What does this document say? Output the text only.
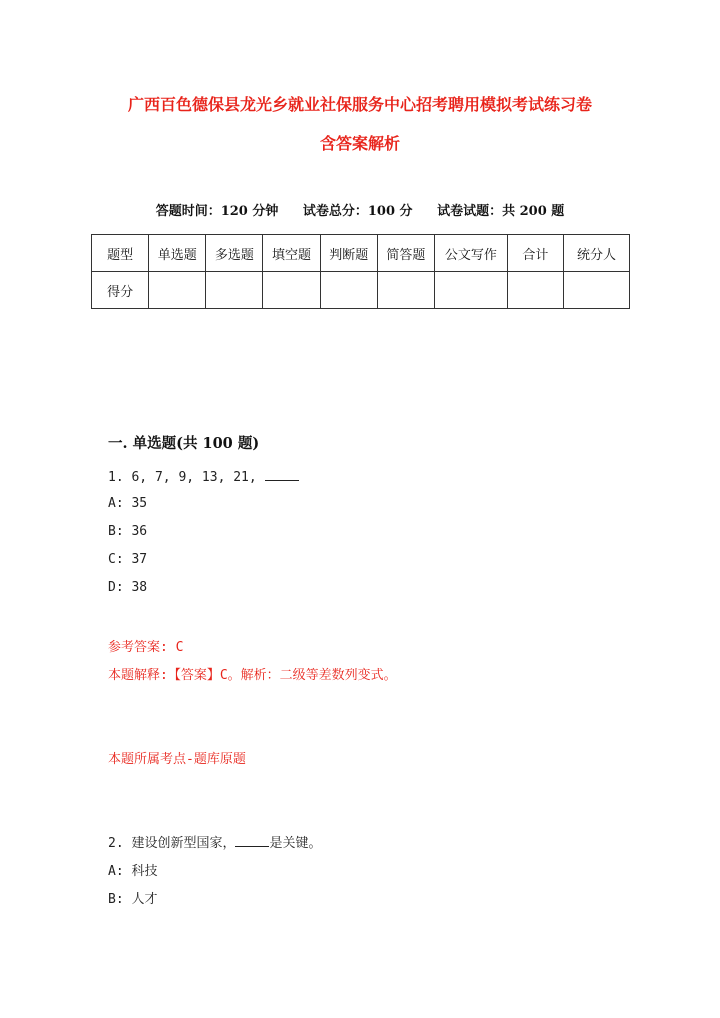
广西百色德保县龙光乡就业社保服务中心招考聘用模拟考试练习卷
含答案解析
答题时间：120 分钟 试卷总分：100 分 试卷试题：共 200 题
题型	单选题	多选题	填空题	判断题	简答题	公文写作	合计	统分人
得分								
一. 单选题(共 100 题)
1. 6, 7, 9, 13, 21,
A: 35
B: 36
C: 37
D: 38
参考答案: C
本题解释:【答案】C。解析：二级等差数列变式。
本题所属考点-题库原题
2. 建设创新型国家，	是关键。
A: 科技
B: 人才
